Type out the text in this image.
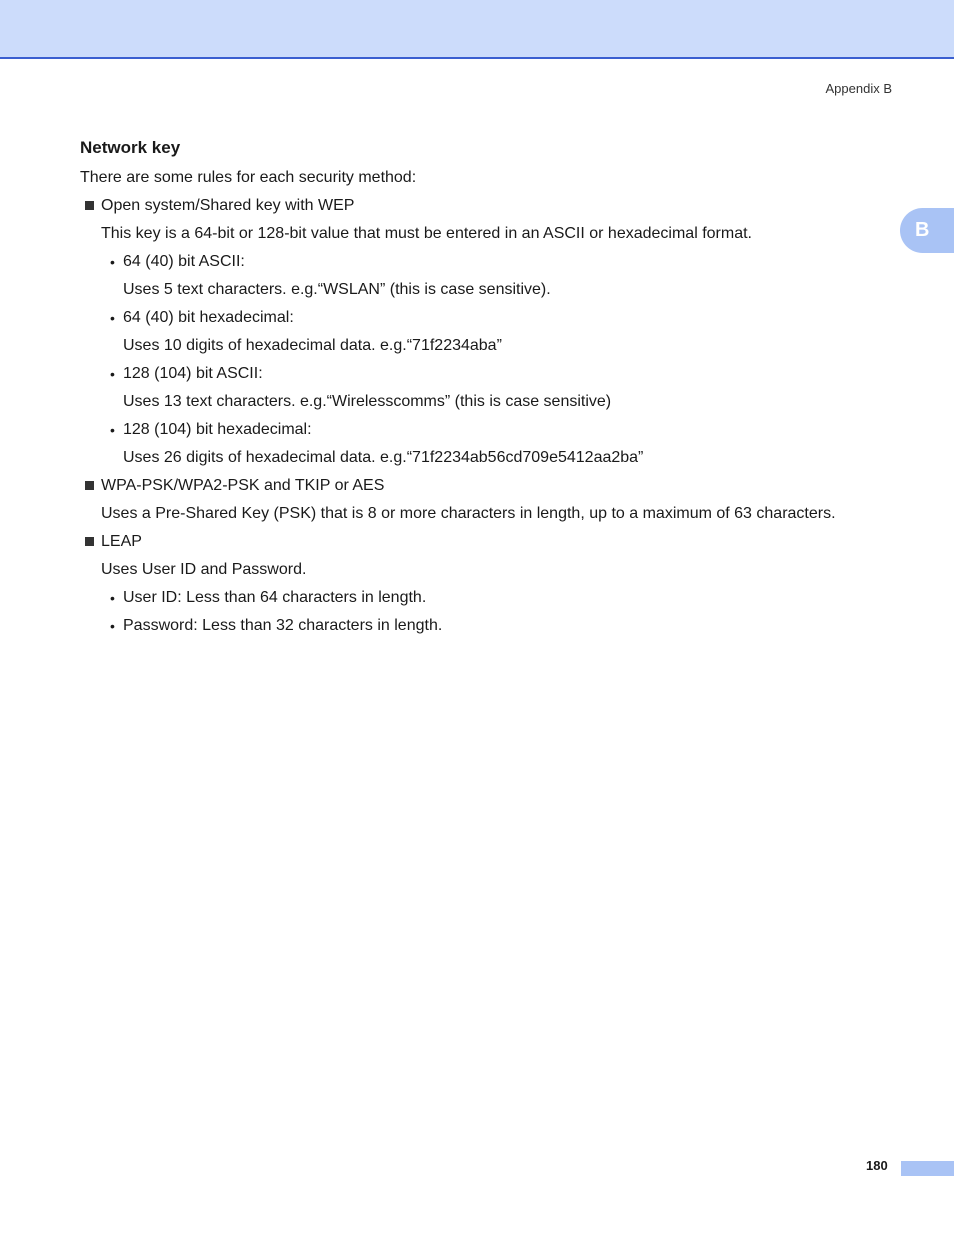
Appendix B
B
Network key
There are some rules for each security method:
Open system/Shared key with WEP
This key is a 64-bit or 128-bit value that must be entered in an ASCII or hexadecimal format.
• 64 (40) bit ASCII:
Uses 5 text characters. e.g.“WSLAN” (this is case sensitive).
• 64 (40) bit hexadecimal:
Uses 10 digits of hexadecimal data. e.g.“71f2234aba”
• 128 (104) bit ASCII:
Uses 13 text characters. e.g.“Wirelesscomms” (this is case sensitive)
• 128 (104) bit hexadecimal:
Uses 26 digits of hexadecimal data. e.g.“71f2234ab56cd709e5412aa2ba”
WPA-PSK/WPA2-PSK and TKIP or AES
Uses a Pre-Shared Key (PSK) that is 8 or more characters in length, up to a maximum of 63 characters.
LEAP
Uses User ID and Password.
• User ID: Less than 64 characters in length.
• Password: Less than 32 characters in length.
180
